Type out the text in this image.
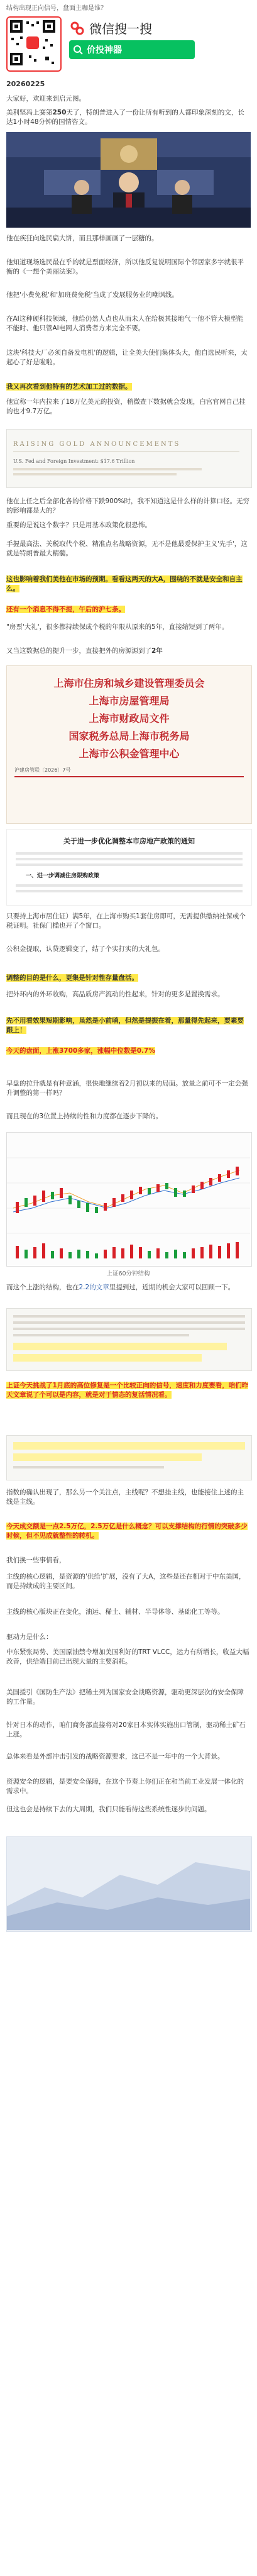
结构出现正向信号，盘面主咖是谁？
微信搜一搜
价投神器
20260225
大家好，欢迎来到启元图。
美利坚冯上赛第250天了，特朗普进入了一份让所有听到的人都印象深刻的文，长达1小时48分钟的国情咨文。
他在疾狂向选民扁大饼，而且那样画画了一层糖的。
他知道现场选民最在乎的就是票面经济，所以他反复说明国际个邻居家多字就很平衡的《一想个美丽法案》。
他把'小费免税'和'加班费免税'当成了发展服务业的嘲讽线。
在AI这种硬科技领域，他给仍然人点也从而未人在给极其接地气一他不管大模型能不能时、他只管AI电网人消费者方来完全不要。
这块'科技大厂必须自备发电机'的逻辑，让全美大使们集体头大，他自选民听来，太起心了好是啦啦。
我又再次看到他特有的艺术加工过的数据。
他宣称一年内拉来了18万亿美元的投资，稍微查下数据就会发现，白宫官网自己挂的也才9.7万亿。
RAISING GOLD ANNOUNCEMENTS
U.S. Fed and Foreign Investment: $17.6 Trillion
他在上任之后全部化各的价格下跌900%时，我不知道这是什么样的计算口径。无穷的影响都是大的？
重要的是说这个数字？只是用基本政策化很恐怖。
手握最高法、关税取代个税、精准点名战略资源，无不是他最爱保护主义'先手'，这就是特朗普最大精髓。
这也影响着我们美他在市场的预期。看看这两天的大A，围绕的不就是安全和自主么。
还有一个消息不得不提，午后的沪七条。
"房票'大礼'，很多都持续保成个税的年限从原来的5年，直接缩短到了两年。
又当这数据总的提升一步，直接把外的房源源到了2年
上海市住房和城乡建设管理委员会
上海市房屋管理局
上海市财政局文件
国家税务总局上海市税务局
上海市公积金管理中心
沪建房管联〔2026〕7号
关于进一步优化调整本市房地产政策的通知
一、进一步调减住房限购政策
只要持上海市居住证）满5年，在上海市购买1套住房即可，无需提供缴纳社保或个税证明。社保门槛也开了个窗口。
公积金提取，认贷逻辑变了，结了个实打实的大礼包。
调整的目的是什么，更集是针对性存量盘活。
把外环内的外环收购，高品质房产流动的性起来，针对的更多是置换需求。
先不用看效果短期影响，虽然是小前哨，但然是提振在着，那量得先起来，要素要跟上！
今天的盘面，上涨3700多家，涨幅中位数是0.7%
早盘的拉升就是有种意涵，很快地继续着2月初以来的局面。放量之前可不一定会强升调整的第一样吗？
而且现在的3位置上持续的性和力度都在逐步下降的。
上证60分钟结构
而这个上涨的结构，也在2.2的文章里提到过，近期的机会大家可以回顾一下。
上证今天挑战了1月底的高位修复是一个比较正向的信号，速度和力度要看，咱们昨天文章说了个可以是内容，就是对于情态的复活情况看。
指数的确认出现了，那么另一个关注点，主线呢？不想挂主线，也能接住上述的主线是主线。
今天成交额是一点2.5万亿，2.5万亿是什么概念？可以支撑结构的行情的突破多少时候，但不见成就整性的转机。
我们换一些事情看，
主线的核心逻辑，是资源的'供给'扩展，没有了大A，这些是还在相对于中东美国，而是持续成的主要区间。
主线的核心版块正在变化，油运、稀土、辅材、半导体等、基础化工等等。
驱动力是什么：
中东紧张局势、美国原油禁令增加美国利好的TRT VLCC，运力有所增长，收益大幅改善，供给端目前已出现大量的主要消耗。
美国援引《国防生产法》把稀土列为国家安全战略资源，驱动更深层次的安全保障的工作量。
针对日本的动作，咱们商务部直接将对20家日本实体实施出口管制，驱动稀土矿石上涨。
总体来看是外部冲击引发的战略资源要求，这已不是一年中的一个大背景。
资源安全的逻辑，是要安全保障，在这个节奏上你们正在和当前工业发展一体化的需求中。
但这也会是持续下去的大周期，我们只能看待这些系统性逐步的问题。
